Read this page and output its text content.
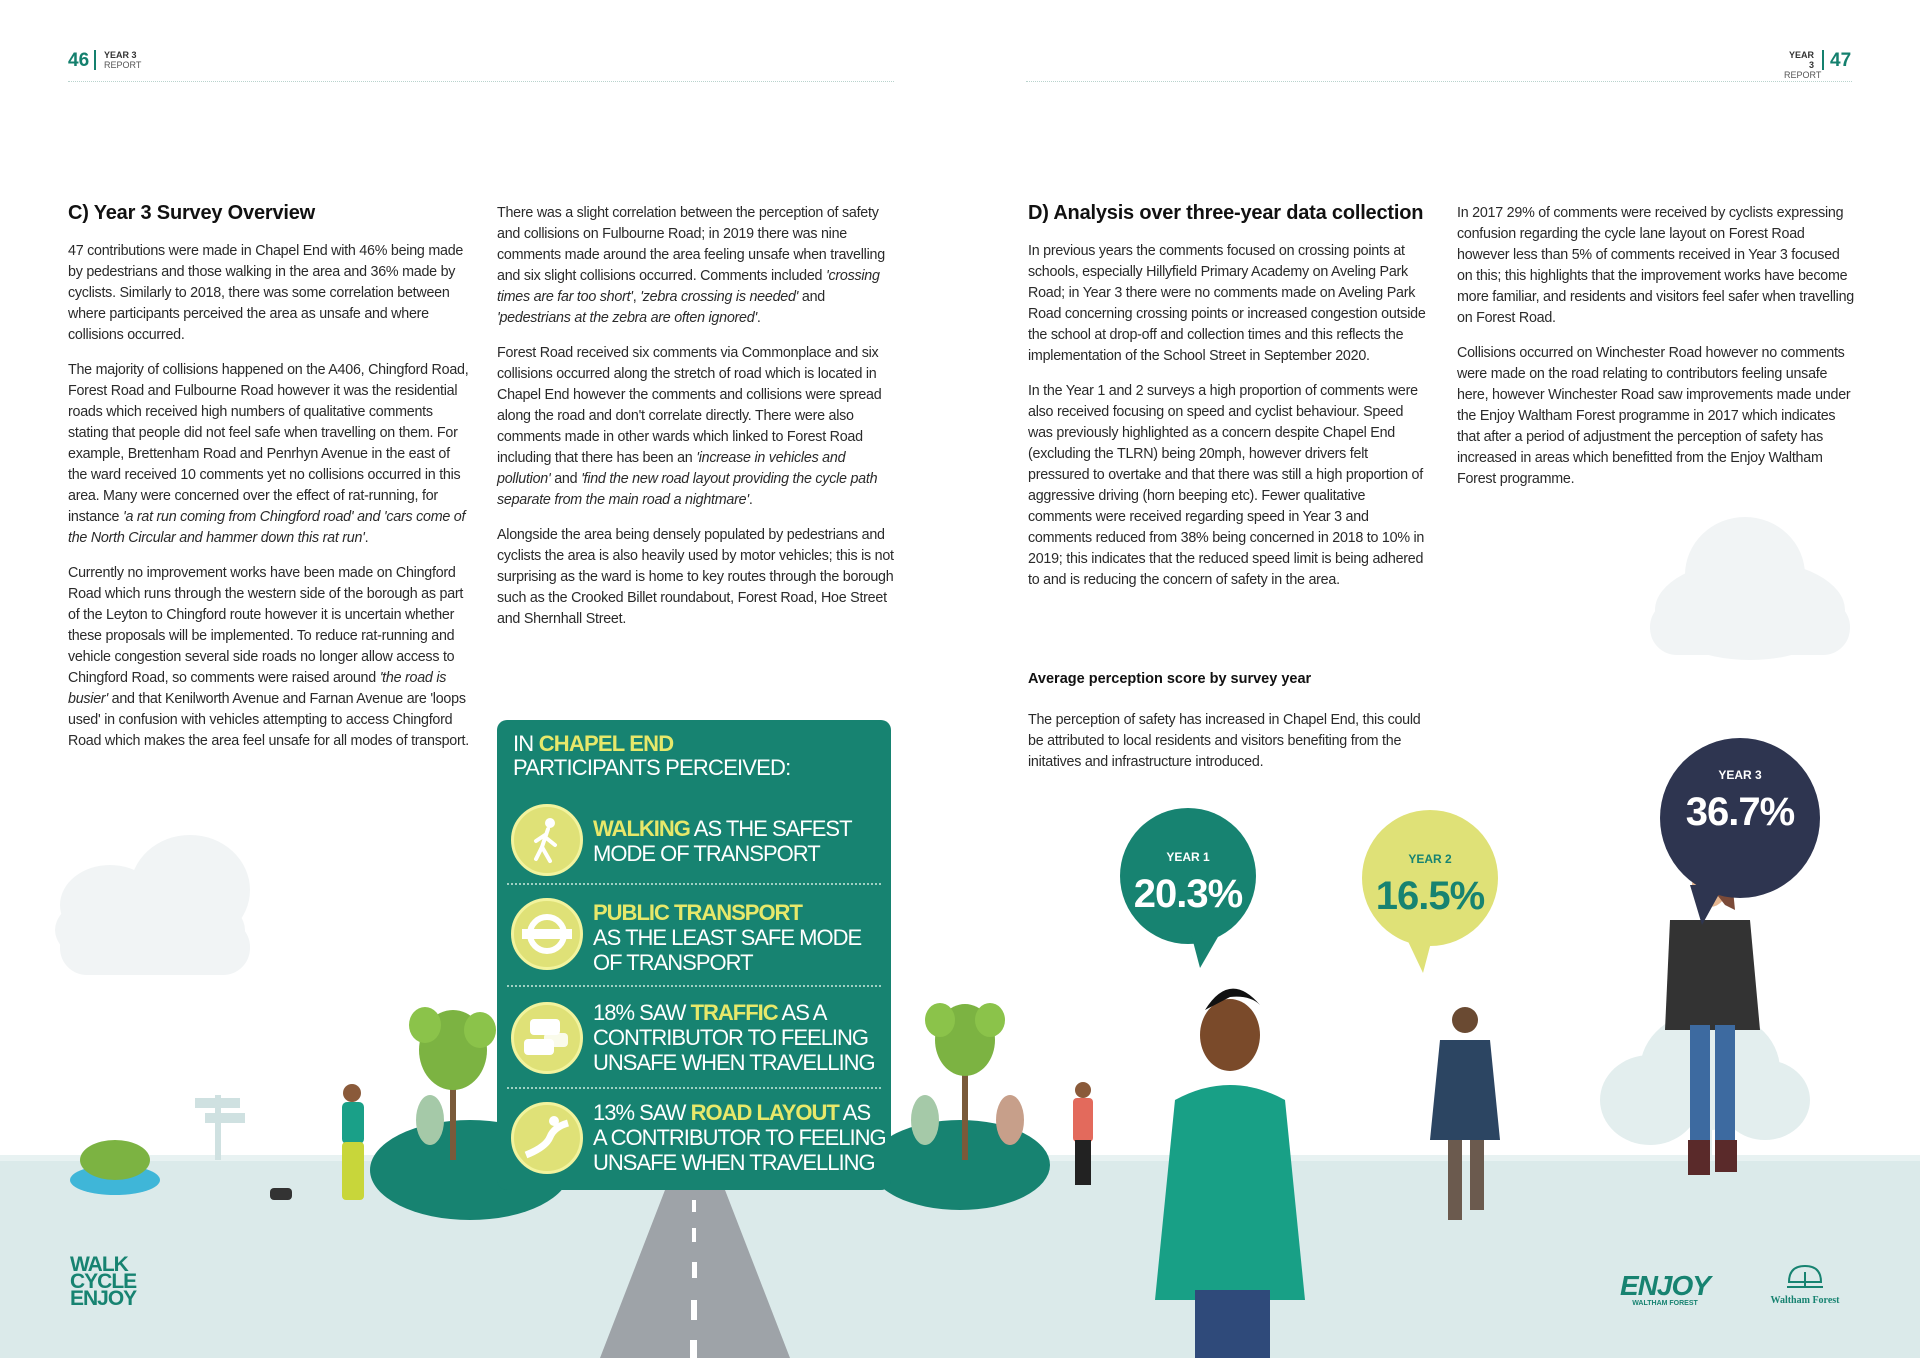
46 YEAR 3
REPORT
YEAR 3
REPORT
47
C) Year 3 Survey Overview

47 contributions were made in Chapel End with 46% being made by pedestrians and those walking in the area and 36% made by cyclists. Similarly to 2018, there was some correlation between where participants perceived the area as unsafe and where collisions occurred.

The majority of collisions happened on the A406, Chingford Road, Forest Road and Fulbourne Road however it was the residential roads which received high numbers of qualitative comments stating that people did not feel safe when travelling on them. For example, Brettenham Road and Penrhyn Avenue in the east of the ward received 10 comments yet no collisions occurred in this area. Many were concerned over the effect of rat-running, for instance 'a rat run coming from Chingford road' and 'cars come of the North Circular and hammer down this rat run'.

Currently no improvement works have been made on Chingford Road which runs through the western side of the borough as part of the Leyton to Chingford route however it is uncertain whether these proposals will be implemented. To reduce rat-running and vehicle congestion several side roads no longer allow access to Chingford Road, so comments were raised around 'the road is busier' and that Kenilworth Avenue and Farnan Avenue are 'loops used' in confusion with vehicles attempting to access Chingford Road which makes the area feel unsafe for all modes of transport.

There was a slight correlation between the perception of safety and collisions on Fulbourne Road; in 2019 there was nine comments made around the area feeling unsafe when travelling and six slight collisions occurred. Comments included 'crossing times are far too short', 'zebra crossing is needed' and 'pedestrians at the zebra are often ignored'.

Forest Road received six comments via Commonplace and six collisions occurred along the stretch of road which is located in Chapel End however the comments and collisions were spread along the road and don't correlate directly. There were also comments made in other wards which linked to Forest Road including that there has been an 'increase in vehicles and pollution' and 'find the new road layout providing the cycle path separate from the main road a nightmare'.

Alongside the area being densely populated by pedestrians and cyclists the area is also heavily used by motor vehicles; this is not surprising as the ward is home to key routes through the borough such as the Crooked Billet roundabout, Forest Road, Hoe Street and Shernhall Street.

IN CHAPEL END
PARTICIPANTS PERCEIVED:
WALKING AS THE SAFEST
MODE OF TRANSPORT
PUBLIC TRANSPORT
AS THE LEAST SAFE MODE
OF TRANSPORT
18% SAW TRAFFIC AS A
CONTRIBUTOR TO FEELING
UNSAFE WHEN TRAVELLING
13% SAW ROAD LAYOUT AS
A CONTRIBUTOR TO FEELING
UNSAFE WHEN TRAVELLING
WALK
CYCLE
ENJOY
D) Analysis over three-year data collection

In previous years the comments focused on crossing points at schools, especially Hillyfield Primary Academy on Aveling Park Road; in Year 3 there were no comments made on Aveling Park Road concerning crossing points or increased congestion outside the school at drop-off and collection times and this reflects the implementation of the School Street in September 2020.

In the Year 1 and 2 surveys a high proportion of comments were also received focusing on speed and cyclist behaviour. Speed was previously highlighted as a concern despite Chapel End (excluding the TLRN) being 20mph, however drivers felt pressured to overtake and that there was still a high proportion of aggressive driving (horn beeping etc). Fewer qualitative comments were received regarding speed in Year 3 and comments reduced from 38% being concerned in 2018 to 10% in 2019; this indicates that the reduced speed limit is being adhered to and is reducing the concern of safety in the area.

In 2017 29% of comments were received by cyclists expressing confusion regarding the cycle lane layout on Forest Road however less than 5% of comments received in Year 3 focused on this; this highlights that the improvement works have become more familiar, and residents and visitors feel safer when travelling on Forest Road.

Collisions occurred on Winchester Road however no comments were made on the road relating to contributors feeling unsafe here, however Winchester Road saw improvements made under the Enjoy Waltham Forest programme in 2017 which indicates that after a period of adjustment the perception of safety has increased in areas which benefitted from the Enjoy Waltham Forest programme.

Average perception score by survey year

The perception of safety has increased in Chapel End, this could be attributed to local residents and visitors benefiting from the initatives and infrastructure introduced.

YEAR 1
20.3%
YEAR 2
16.5%
YEAR 3
36.7%
ENJOY
WALTHAM FOREST	Waltham Forest
